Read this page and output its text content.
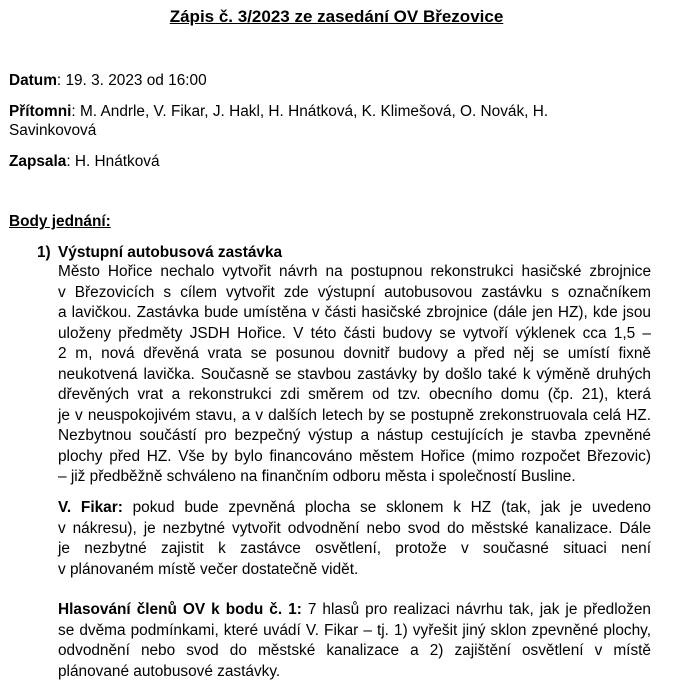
Zápis č. 3/2023 ze zasedání OV Březovice
Datum: 19. 3. 2023 od 16:00
Přítomni: M. Andrle, V. Fikar, J. Hakl, H. Hnátková, K. Klimešová, O. Novák, H.
Savinkovová
Zapsala: H. Hnátková
Body jednání:
1) Výstupní autobusová zastávka
Město Hořice nechalo vytvořit návrh na postupnou rekonstrukci hasičské zbrojnice
v Březovicích s cílem vytvořit zde výstupní autobusovou zastávku s označníkem
a lavičkou. Zastávka bude umístěna v části hasičské zbrojnice (dále jen HZ), kde jsou
uloženy předměty JSDH Hořice. V této části budovy se vytvoří výklenek cca 1,5 –
2 m, nová dřevěná vrata se posunou dovnitř budovy a před něj se umístí fixně
neukotvená lavička. Současně se stavbou zastávky by došlo také k výměně druhých
dřevěných vrat a rekonstrukci zdi směrem od tzv. obecního domu (čp. 21), která
je v neuspokojivém stavu, a v dalších letech by se postupně zrekonstruovala celá HZ.
Nezbytnou součástí pro bezpečný výstup a nástup cestujících je stavba zpevněné
plochy před HZ. Vše by bylo financováno městem Hořice (mimo rozpočet Březovic)
– již předběžně schváleno na finančním odboru města i společností Busline.
V. Fikar: pokud bude zpevněná plocha se sklonem k HZ (tak, jak je uvedeno
v nákresu), je nezbytné vytvořit odvodnění nebo svod do městské kanalizace. Dále
je nezbytné zajistit k zastávce osvětlení, protože v současné situaci není
v plánovaném místě večer dostatečně vidět.
Hlasování členů OV k bodu č. 1: 7 hlasů pro realizaci návrhu tak, jak je předložen
se dvěma podmínkami, které uvádí V. Fikar – tj. 1) vyřešit jiný sklon zpevněné plochy,
odvodnění nebo svod do městské kanalizace a 2) zajištění osvětlení v místě
plánované autobusové zastávky.
